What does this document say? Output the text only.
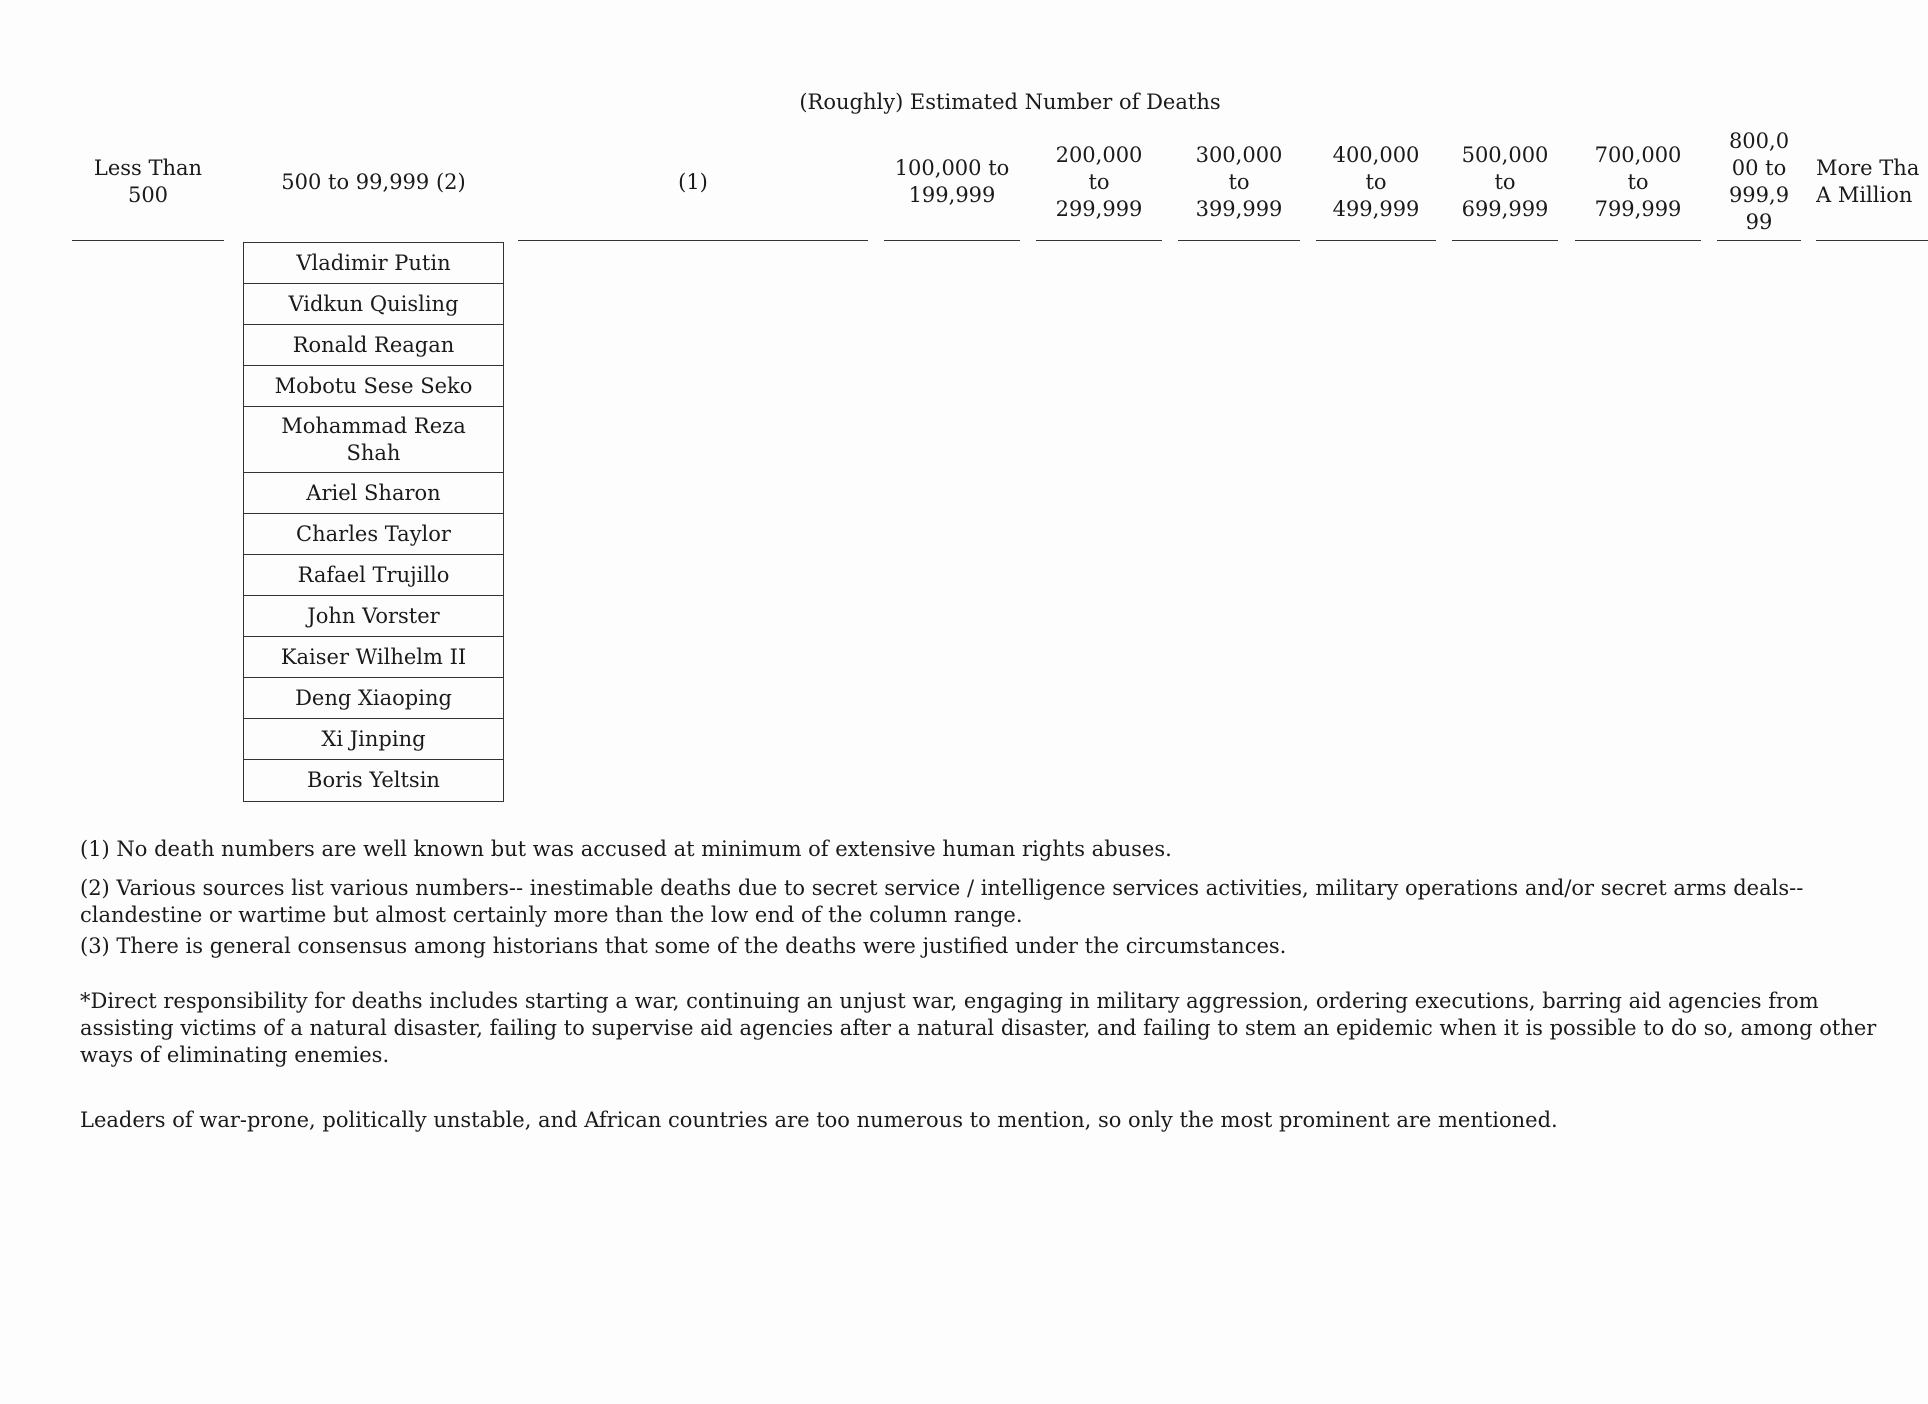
(Roughly) Estimated Number of Deaths
Less Than
500
500 to 99,999 (2)	(1)
100,000 to
199,999
200,000
to
299,999
300,000
to
399,999
400,000
to
499,999
500,000
to
699,999
700,000
to
799,999
800,0
00 to
999,9
99
More Tha
A Million
Vladimir Putin
Vidkun Quisling
Ronald Reagan
Mobotu Sese Seko
Mohammad Reza
Shah
Ariel Sharon
Charles Taylor
Rafael Trujillo
John Vorster
Kaiser Wilhelm II
Deng Xiaoping
Xi Jinping
Boris Yeltsin

(1) No death numbers are well known but was accused at minimum of extensive human rights abuses.

(2) Various sources list various numbers-- inestimable deaths due to secret service / intelligence services activities, military operations and/or secret arms deals-- clandestine or wartime but almost certainly more than the low end of the column range.

(3) There is general consensus among historians that some of the deaths were justified under the circumstances.

*Direct responsibility for deaths includes starting a war, continuing an unjust war, engaging in military aggression, ordering executions, barring aid agencies from assisting victims of a natural disaster, failing to supervise aid agencies after a natural disaster, and failing to stem an epidemic when it is possible to do so, among other ways of eliminating enemies.

Leaders of war-prone, politically unstable, and African countries are too numerous to mention, so only the most prominent are mentioned.
